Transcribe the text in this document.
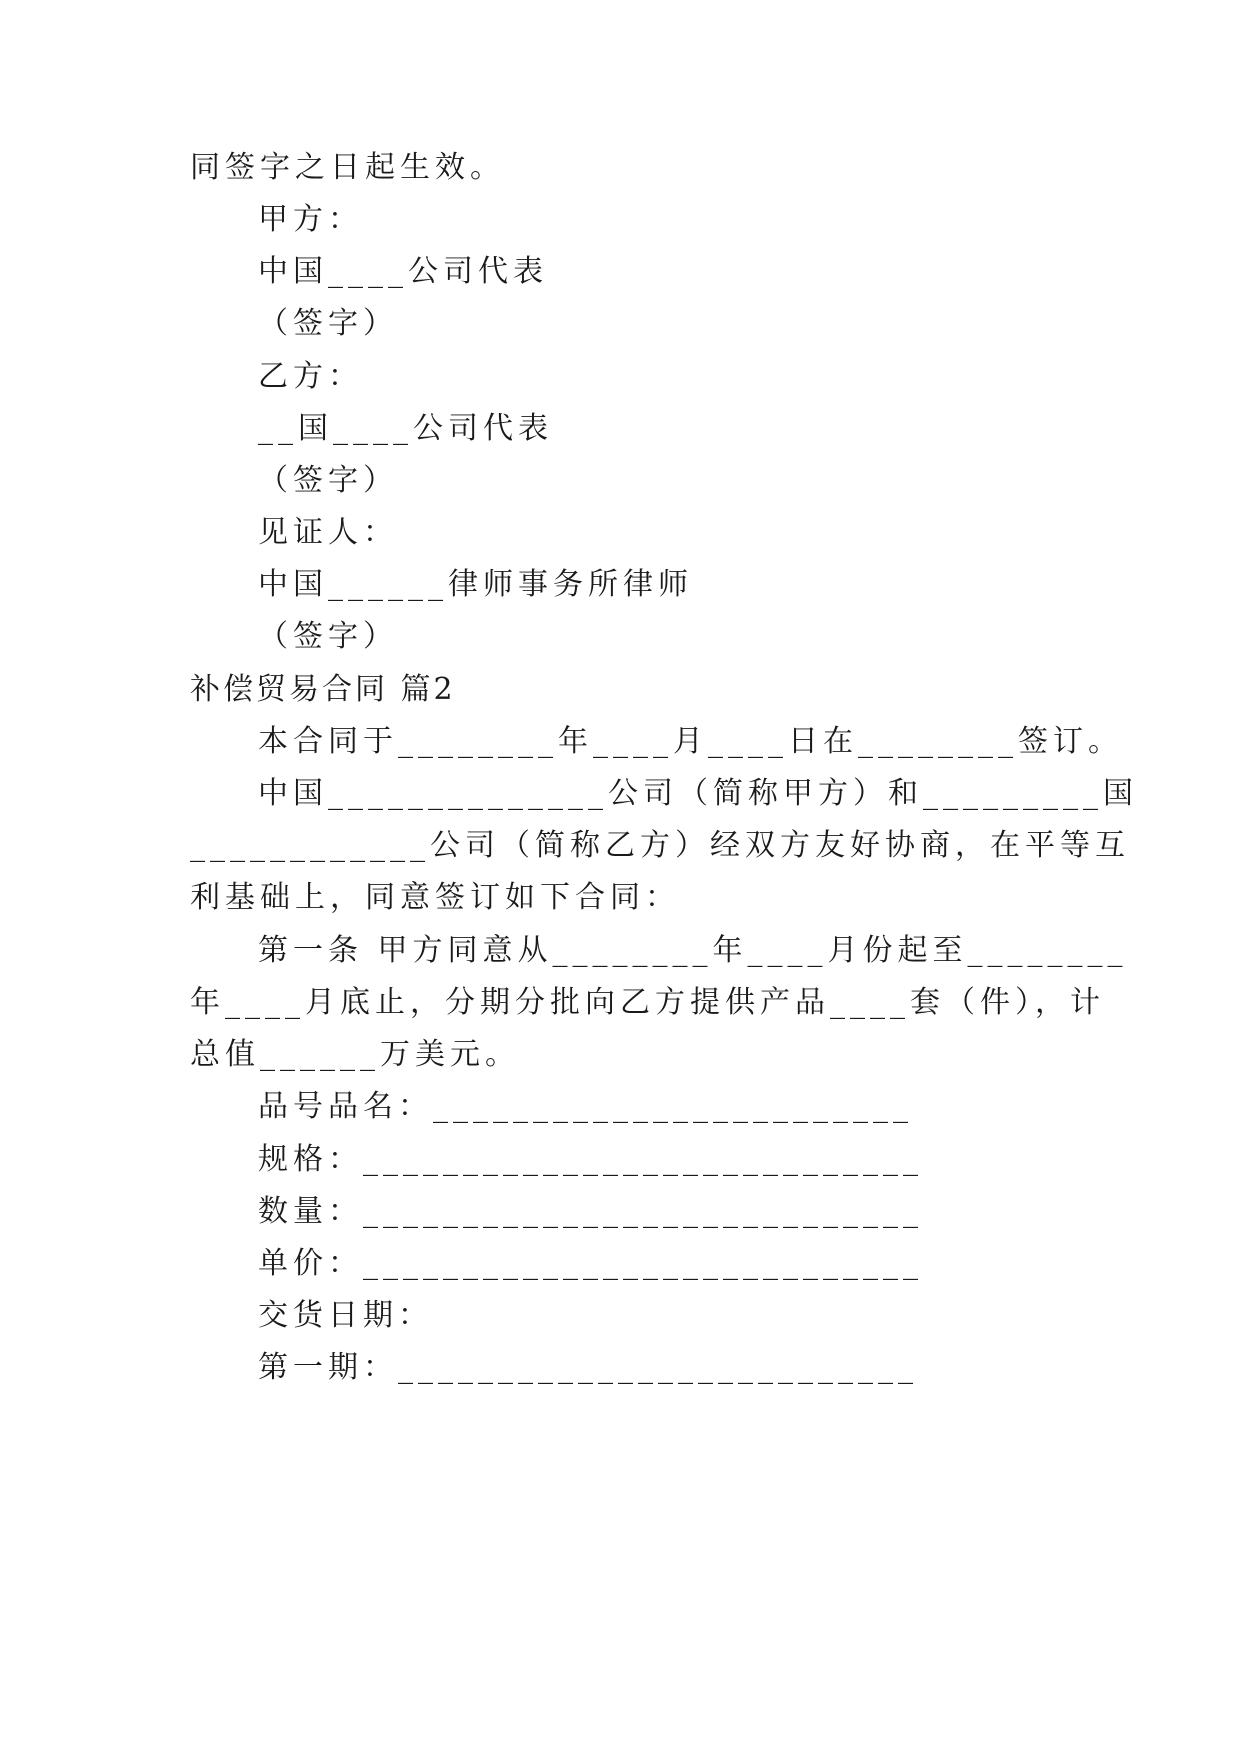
同签字之日起生效。
甲方：
中国____公司代表
（签字）
乙方：
__国____公司代表
（签字）
见证人：
中国______律师事务所律师
（签字）
补偿贸易合同 篇2
本合同于________年____月____日在________签订。
中国______________公司（简称甲方）和_________国
____________公司（简称乙方）经双方友好协商，在平等互
利基础上，同意签订如下合同：
第一条 甲方同意从________年____月份起至________
年____月底止，分期分批向乙方提供产品____套（件），计
总值______万美元。
品号品名：________________________
规格：____________________________
数量：____________________________
单价：____________________________
交货日期：
第一期：__________________________
